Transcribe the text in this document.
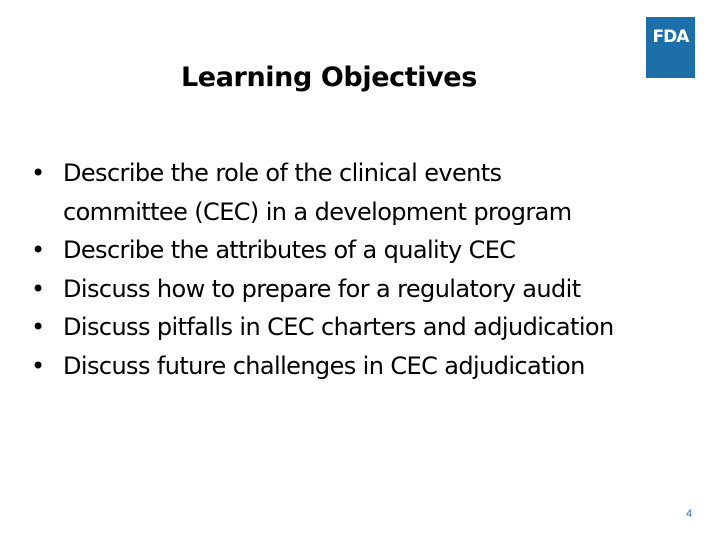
FDA
Learning Objectives
• Describe the role of the clinical events
committee (CEC) in a development program
• Describe the attributes of a quality CEC
• Discuss how to prepare for a regulatory audit
• Discuss pitfalls in CEC charters and adjudication
• Discuss future challenges in CEC adjudication
4
